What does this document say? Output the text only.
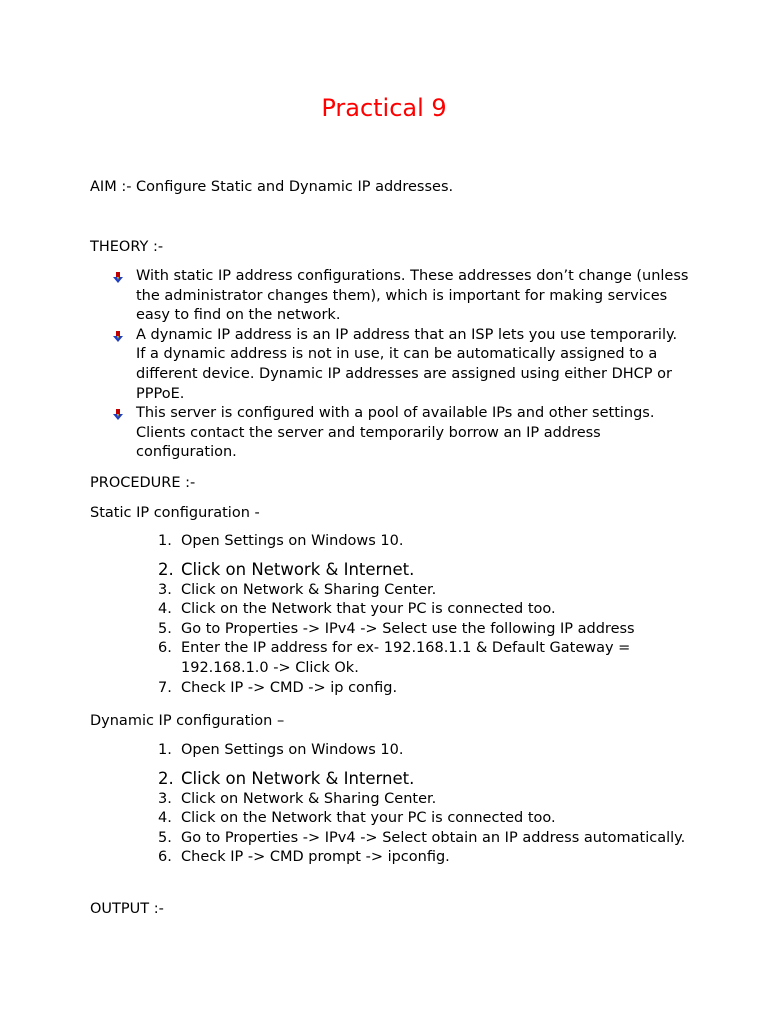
Practical 9
AIM :- Configure Static and Dynamic IP addresses.
THEORY :-
With static IP address configurations. These addresses don’t change (unless the administrator changes them), which is important for making services easy to find on the network.
A dynamic IP address is an IP address that an ISP lets you use temporarily. If a dynamic address is not in use, it can be automatically assigned to a different device. Dynamic IP addresses are assigned using either DHCP or PPPoE.
This server is configured with a pool of available IPs and other settings. Clients contact the server and temporarily borrow an IP address configuration.
PROCEDURE :-
Static IP configuration -
1. Open Settings on Windows 10.
2. Click on Network & Internet.
3. Click on Network & Sharing Center.
4. Click on the Network that your PC is connected too.
5. Go to Properties -> IPv4 -> Select use the following IP address
6. Enter the IP address for ex- 192.168.1.1 & Default Gateway = 192.168.1.0 -> Click Ok.
7. Check IP -> CMD -> ip config.
Dynamic IP configuration –
1. Open Settings on Windows 10.
2. Click on Network & Internet.
3. Click on Network & Sharing Center.
4. Click on the Network that your PC is connected too.
5. Go to Properties -> IPv4 -> Select obtain an IP address automatically.
6. Check IP -> CMD prompt -> ipconfig.
OUTPUT :-
